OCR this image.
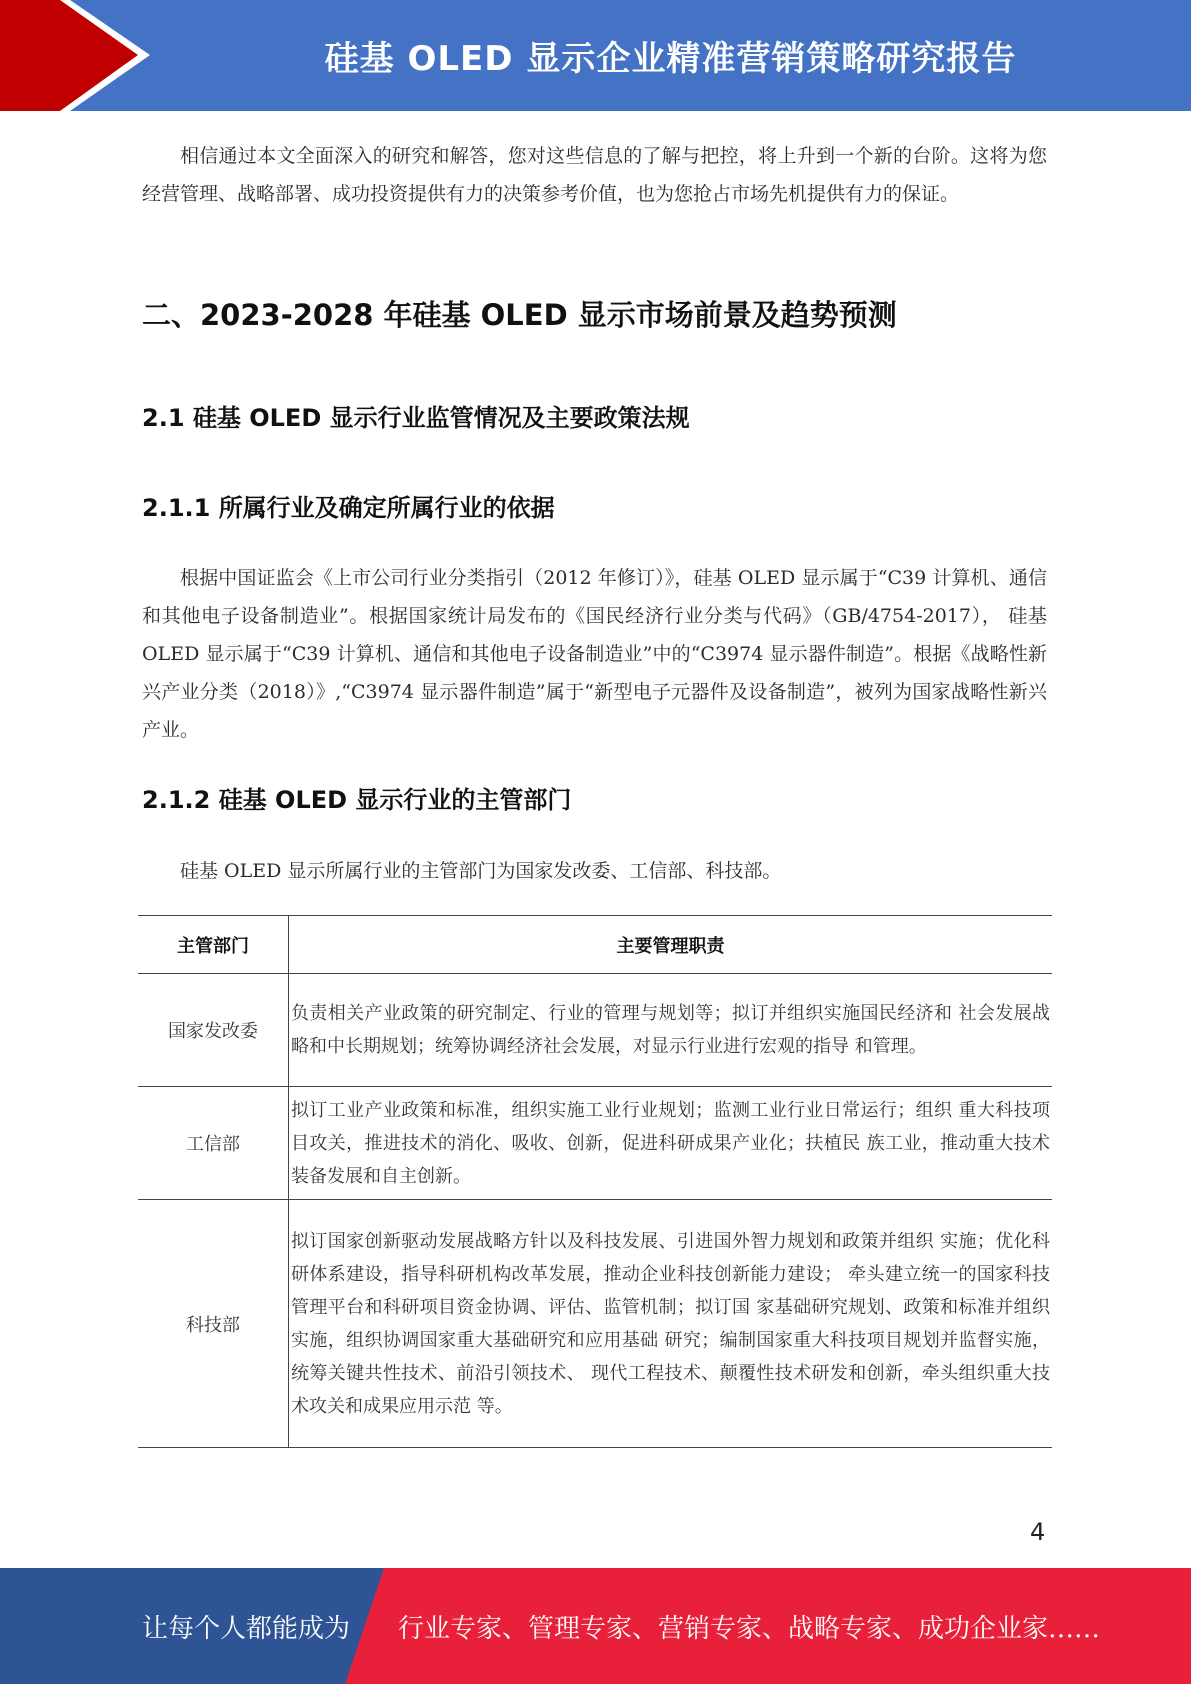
硅基 OLED 显示企业精准营销策略研究报告

相信通过本文全面深入的研究和解答，您对这些信息的了解与把控，将上升到一个新的台阶。这将为您经营管理、战略部署、成功投资提供有力的决策参考价值，也为您抢占市场先机提供有力的保证。

二、2023-2028 年硅基 OLED 显示市场前景及趋势预测
2.1 硅基 OLED 显示行业监管情况及主要政策法规
2.1.1 所属行业及确定所属行业的依据

根据中国证监会《上市公司行业分类指引（2012 年修订）》，硅基 OLED 显示属于“C39 计算机、通信和其他电子设备制造业”。根据国家统计局发布的《国民经济行业分类与代码》（GB/4754-2017）， 硅基 OLED 显示属于“C39 计算机、通信和其他电子设备制造业”中的“C3974 显示器件制造”。根据《战略性新兴产业分类（2018）》,“C3974 显示器件制造”属于“新型电子元器件及设备制造”，被列为国家战略性新兴产业。

2.1.2 硅基 OLED 显示行业的主管部门

硅基 OLED 显示所属行业的主管部门为国家发改委、工信部、科技部。

主管部门	主要管理职责
国家发改委	负责相关产业政策的研究制定、行业的管理与规划等；拟订并组织实施国民经济和 社会发展战略和中长期规划；统筹协调经济社会发展，对显示行业进行宏观的指导 和管理。
工信部	拟订工业产业政策和标准，组织实施工业行业规划；监测工业行业日常运行；组织 重大科技项目攻关，推进技术的消化、吸收、创新，促进科研成果产业化；扶植民 族工业，推动重大技术装备发展和自主创新。
科技部	拟订国家创新驱动发展战略方针以及科技发展、引进国外智力规划和政策并组织 实施；优化科研体系建设，指导科研机构改革发展，推动企业科技创新能力建设； 牵头建立统一的国家科技管理平台和科研项目资金协调、评估、监管机制；拟订国 家基础研究规划、政策和标准并组织实施，组织协调国家重大基础研究和应用基础 研究；编制国家重大科技项目规划并监督实施，统筹关键共性技术、前沿引领技术、 现代工程技术、颠覆性技术研发和创新，牵头组织重大技术攻关和成果应用示范 等。
4
让每个人都能成为 行业专家、管理专家、营销专家、战略专家、成功企业家……
